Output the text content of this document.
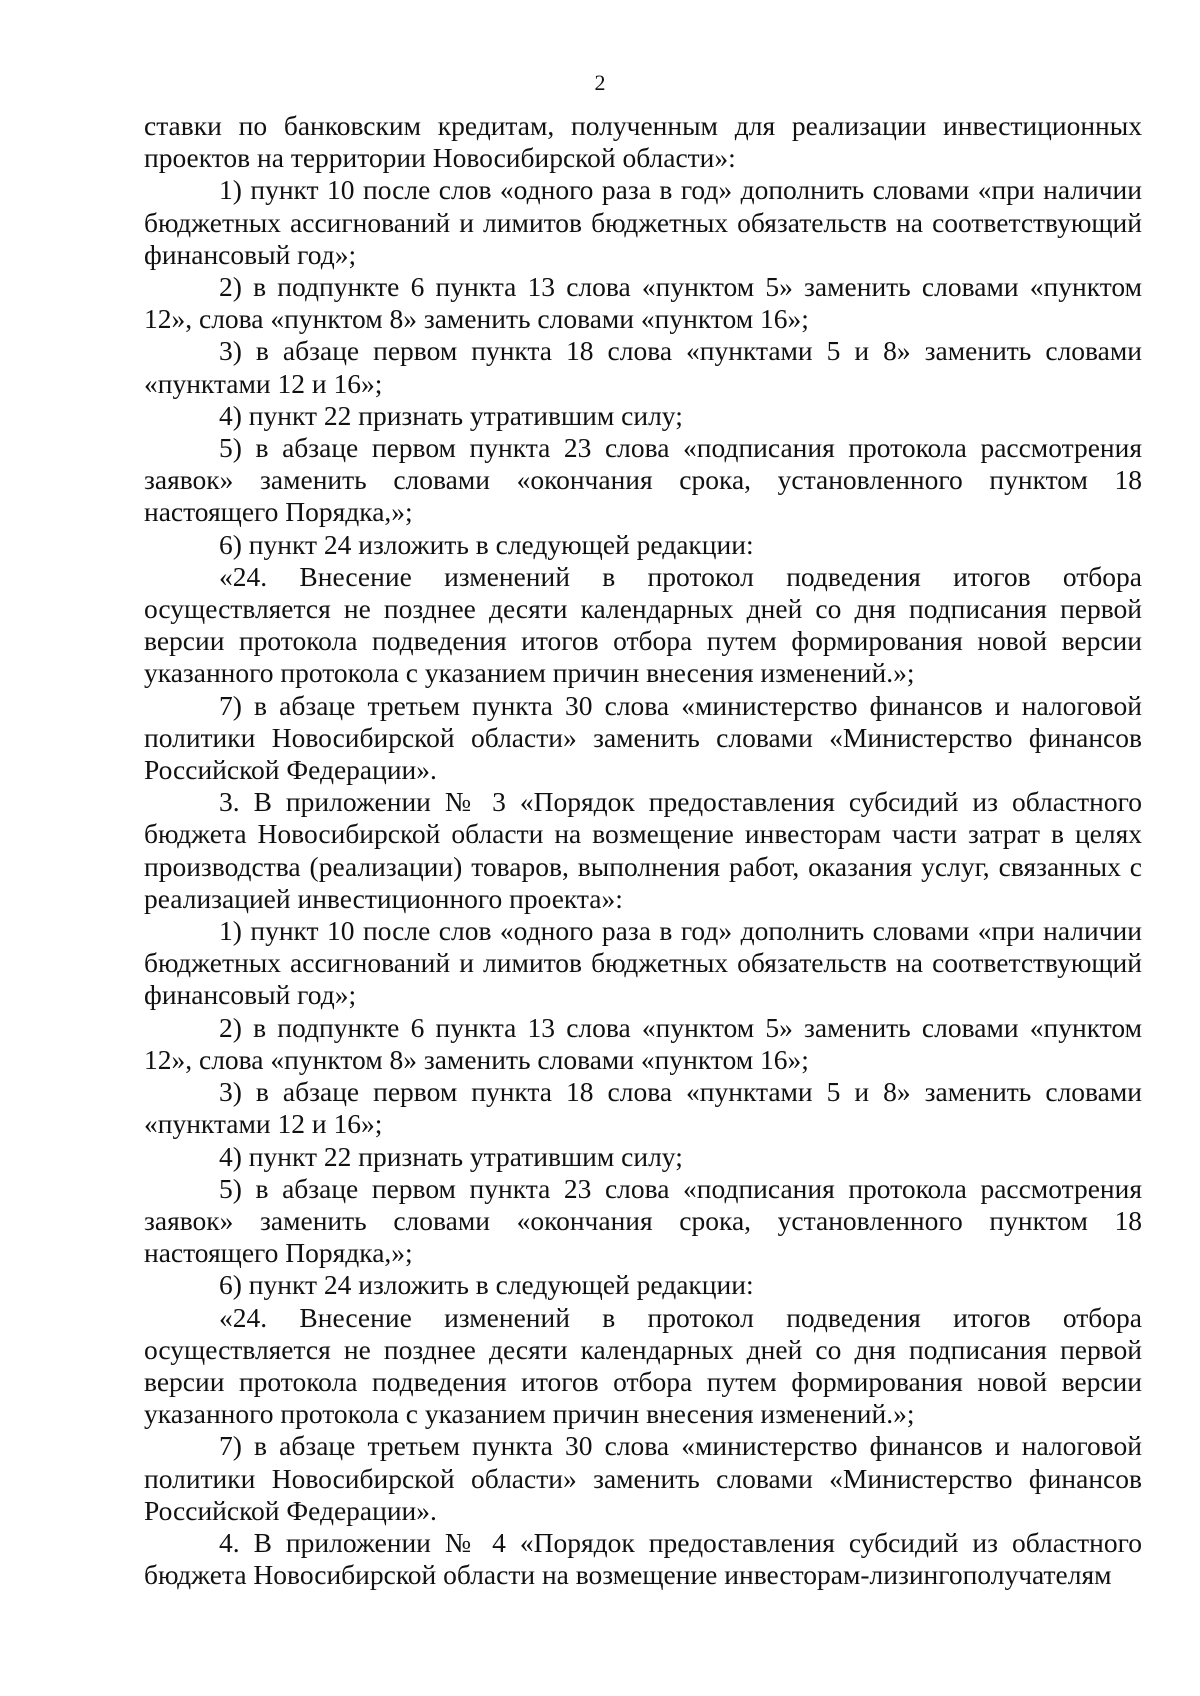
2

ставки по банковским кредитам, полученным для реализации инвестиционных проектов на территории Новосибирской области»:

1) пункт 10 после слов «одного раза в год» дополнить словами «при наличии бюджетных ассигнований и лимитов бюджетных обязательств на соответствующий финансовый год»;

2) в подпункте 6 пункта 13 слова «пунктом 5» заменить словами «пунктом 12», слова «пунктом 8» заменить словами «пунктом 16»;

3) в абзаце первом пункта 18 слова «пунктами 5 и 8» заменить словами «пунктами 12 и 16»;

4) пункт 22 признать утратившим силу;

5) в абзаце первом пункта 23 слова «подписания протокола рассмотрения заявок» заменить словами «окончания срока, установленного пунктом 18 настоящего Порядка,»;

6) пункт 24 изложить в следующей редакции:

«24. Внесение изменений в протокол подведения итогов отбора осуществляется не позднее десяти календарных дней со дня подписания первой версии протокола подведения итогов отбора путем формирования новой версии указанного протокола с указанием причин внесения изменений.»;

7) в абзаце третьем пункта 30 слова «министерство финансов и налоговой политики Новосибирской области» заменить словами «Министерство финансов Российской Федерации».

3. В приложении № 3 «Порядок предоставления субсидий из областного бюджета Новосибирской области на возмещение инвесторам части затрат в целях производства (реализации) товаров, выполнения работ, оказания услуг, связанных с реализацией инвестиционного проекта»:

1) пункт 10 после слов «одного раза в год» дополнить словами «при наличии бюджетных ассигнований и лимитов бюджетных обязательств на соответствующий финансовый год»;

2) в подпункте 6 пункта 13 слова «пунктом 5» заменить словами «пунктом 12», слова «пунктом 8» заменить словами «пунктом 16»;

3) в абзаце первом пункта 18 слова «пунктами 5 и 8» заменить словами «пунктами 12 и 16»;

4) пункт 22 признать утратившим силу;

5) в абзаце первом пункта 23 слова «подписания протокола рассмотрения заявок» заменить словами «окончания срока, установленного пунктом 18 настоящего Порядка,»;

6) пункт 24 изложить в следующей редакции:

«24. Внесение изменений в протокол подведения итогов отбора осуществляется не позднее десяти календарных дней со дня подписания первой версии протокола подведения итогов отбора путем формирования новой версии указанного протокола с указанием причин внесения изменений.»;

7) в абзаце третьем пункта 30 слова «министерство финансов и налоговой политики Новосибирской области» заменить словами «Министерство финансов Российской Федерации».

4. В приложении № 4 «Порядок предоставления субсидий из областного бюджета Новосибирской области на возмещение инвесторам-лизингополучателям
